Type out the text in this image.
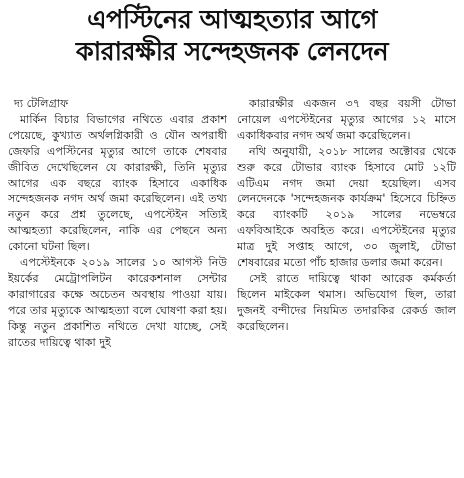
এপস্টিনের আত্মহত্যার আগে
কারারক্ষীর সন্দেহজনক লেনদেন

দ্য টেলিগ্রাফ

মার্কিন বিচার বিভাগের নথিতে এবার প্রকাশ পেয়েছে, কুখ্যাত অর্থলগ্নিকারী ও যৌন অপরাধী জেফরি এপস্টিনের মৃত্যুর আগে তাকে শেষবার জীবিত দেখেছিলেন যে কারারক্ষী, তিনি মৃত্যুর আগের এক বছরে ব্যাংক হিসাবে একাধিক সন্দেহজনক নগদ অর্থ জমা করেছিলেন। এই তথ্য নতুন করে প্রশ্ন তুলেছে, এপস্টেইন সত্যিই আত্মহত্যা করেছিলেন, নাকি এর পেছনে অন্য কোনো ঘটনা ছিল।

এপস্টেইনকে ২০১৯ সালের ১০ আগস্ট নিউ ইয়র্কের মেট্রোপলিটন কারেকশনাল সেন্টার কারাগারের কক্ষে অচেতন অবস্থায় পাওয়া যায়। পরে তার মৃত্যুকে আত্মহত্যা বলে ঘোষণা করা হয়। কিন্তু নতুন প্রকাশিত নথিতে দেখা যাচ্ছে, সেই রাতের দায়িত্বে থাকা দুই

কারারক্ষীর একজন ৩৭ বছর বয়সী টোভা নোয়েল এপস্টেইনের মৃত্যুর আগের ১২ মাসে একাধিকবার নগদ অর্থ জমা করেছিলেন।

নথি অনুযায়ী, ২০১৮ সালের অক্টোবর থেকে শুরু করে টোভার ব্যাংক হিসাবে মোট ১২টি এটিএম নগদ জমা দেয়া হয়েছিল। এসব লেনদেনকে 'সন্দেহজনক কার্যক্রম' হিসেবে চিহ্নিত করে ব্যাংকটি ২০১৯ সালের নভেম্বরে এফবিআইকে অবহিত করে। এপস্টেইনের মৃত্যুর মাত্র দুই সপ্তাহ আগে, ৩০ জুলাই, টোভা শেষবারের মতো পাঁচ হাজার ডলার জমা করেন।

সেই রাতে দায়িত্বে থাকা আরেক কর্মকর্তা ছিলেন মাইকেল থমাস। অভিযোগ ছিল, তারা দুজনই বন্দীদের নিয়মিত তদারকির রেকর্ড জাল করেছিলেন।
